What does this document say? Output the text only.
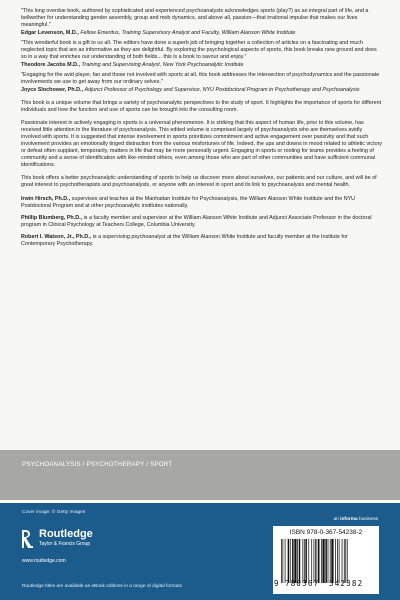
"This long overdue book, authored by sophisticated and experienced psychoanalysts acknowledges sports (play?) as an integral part of life, and a bellwether for understanding gender assembly, group and mob dynamics, and above all, passion—that irrational impulse that makes our lives meaningful."

Edgar Levenson, M.D., Fellow Emeritus, Training Supervisory Analyst and Faculty, William Alanson White Institute

"This wonderful book is a gift to us all. The editors have done a superb job of bringing together a collection of articles on a fascinating and much neglected topic that are as informative as they are delightful. By exploring the psychological aspects of sports, this book breaks new ground and does so in a way that enriches our understanding of both fields... this is a book to savour and enjoy."

Theodore Jacobs M.D., Training and Supervising Analyst, New York Psychoanalytic Institute

"Engaging for the avid player, fan and those not involved with sports at all, this book addresses the intersection of psychodynamics and the passionate involvements we use to get away from our ordinary selves."

Joyce Slochower, Ph.D., Adjunct Professor of Psychology and Supervisor, NYU Postdoctoral Program in Psychotherapy and Psychoanalysis

This book is a unique volume that brings a variety of psychoanalytic perspectives to the study of sport. It highlights the importance of sports for different individuals and how the function and use of sports can be brought into the consulting room.

Passionate interest in actively engaging in sports is a universal phenomenon. It is striking that this aspect of human life, prior to this volume, has received little attention in the literature of psychoanalysis. This edited volume is comprised largely of psychoanalysts who are themselves avidly involved with sports. It is suggested that intense involvement in sports prioritizes commitment and active engagement over passivity and that such involvement provides an emotionally tinged distraction from the various misfortunes of life. Indeed, the ups and downs in mood related to athletic victory or defeat often supplant, temporarily, matters in life that may be more personally urgent. Engaging in sports or rooting for teams provides a feeling of community and a sense of identification with like-minded others, even among those who are part of other communities and have sufficient communal identifications.

This book offers a better psychoanalytic understanding of sports to help us discover more about ourselves, our patients and our culture, and will be of great interest to psychotherapists and psychoanalysts, or anyone with an interest in sport and its link to psychoanalysis and mental health.

Irwin Hirsch, Ph.D., supervises and teaches at the Manhattan Institute for Psychoanalysis, the William Alanson White Institute and the NYU Postdoctoral Program and at other psychoanalytic institutes nationally.

Phillip Blumberg, Ph.D., is a faculty member and supervisor at the William Alanson White Institute and Adjunct Associate Professor in the doctoral program in Clinical Psychology at Teachers College, Columbia University.

Robert I. Watson, Jr., Ph.D., is a supervising psychoanalyst at the William Alanson White Institute and faculty member at the Institute for Contemporary Psychotherapy.

PSYCHOANALYSIS / PSYCHOTHERAPY / SPORT
Cover image: © Getty Images
an informa business
Routledge
Taylor & Francis Group
www.routledge.com
Routledge titles are available as eBook editions in a range of digital formats
ISBN 978-0-367-54238-2
9 780367 542382
